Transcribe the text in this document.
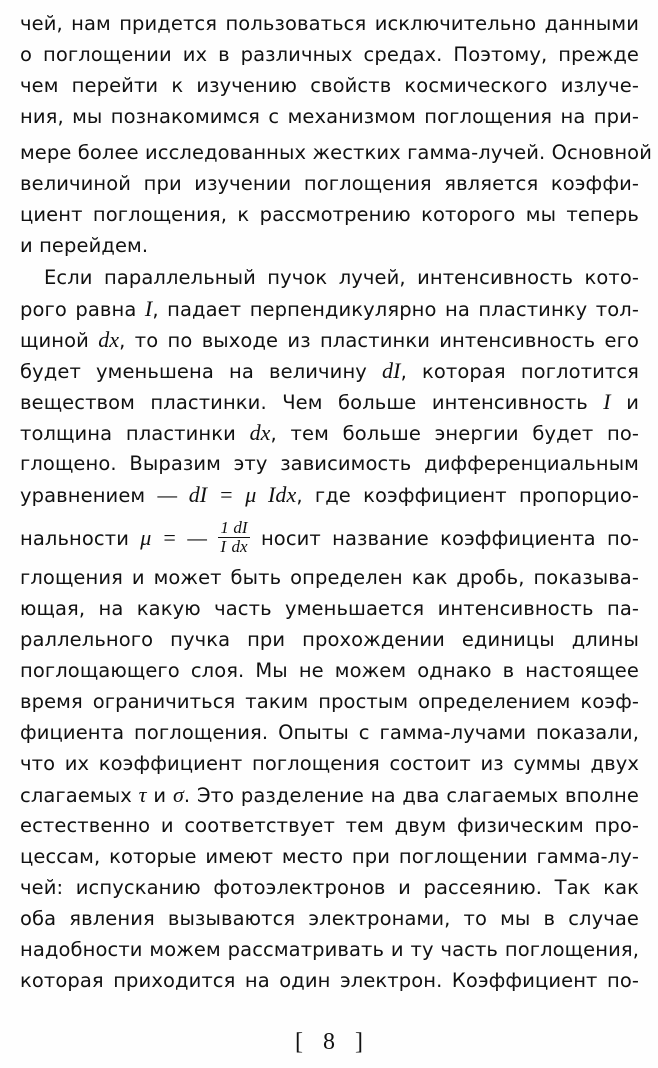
чей, нам придется пользоваться исключительно данными

о поглощении их в различных средах. Поэтому, прежде

чем перейти к изучению свойств космического излуче-

ния, мы познакомимся с механизмом поглощения на при-

мере более исследованных жестких гамма-лучей. Основной

величиной при изучении поглощения является коэффи-

циент поглощения, к рассмотрению которого мы теперь

и перейдем.

Если параллельный пучок лучей, интенсивность кото-

рого равна I, падает перпендикулярно на пластинку тол-

щиной dx, то по выходе из пластинки интенсивность его

будет уменьшена на величину dI, которая поглотится

веществом пластинки. Чем больше интенсивность I и

толщина пластинки dx, тем больше энергии будет по-

глощено. Выразим эту зависимость дифференциальным

уравнением — dI = μ Idx, где коэффициент пропорцио-

нальности μ = — $\frac{1 dI}{\text{I dx}}$ носит название коэффициента по-

глощения и может быть определен как дробь, показыва-

ющая, на какую часть уменьшается интенсивность па-

раллельного пучка при прохождении единицы длины

поглощающего слоя. Мы не можем однако в настоящее

время ограничиться таким простым определением коэф-

фициента поглощения. Опыты с гамма-лучами показали,

что их коэффициент поглощения состоит из суммы двух

слагаемых τ и σ. Это разделение на два слагаемых вполне

естественно и соответствует тем двум физическим про-

цессам, которые имеют место при поглощении гамма-лу-

чей: испусканию фотоэлектронов и рассеянию. Так как

оба явления вызываются электронами, то мы в случае

надобности можем рассматривать и ту часть поглощения,

которая приходится на один электрон. Коэффициент по-

[ 8 ]
